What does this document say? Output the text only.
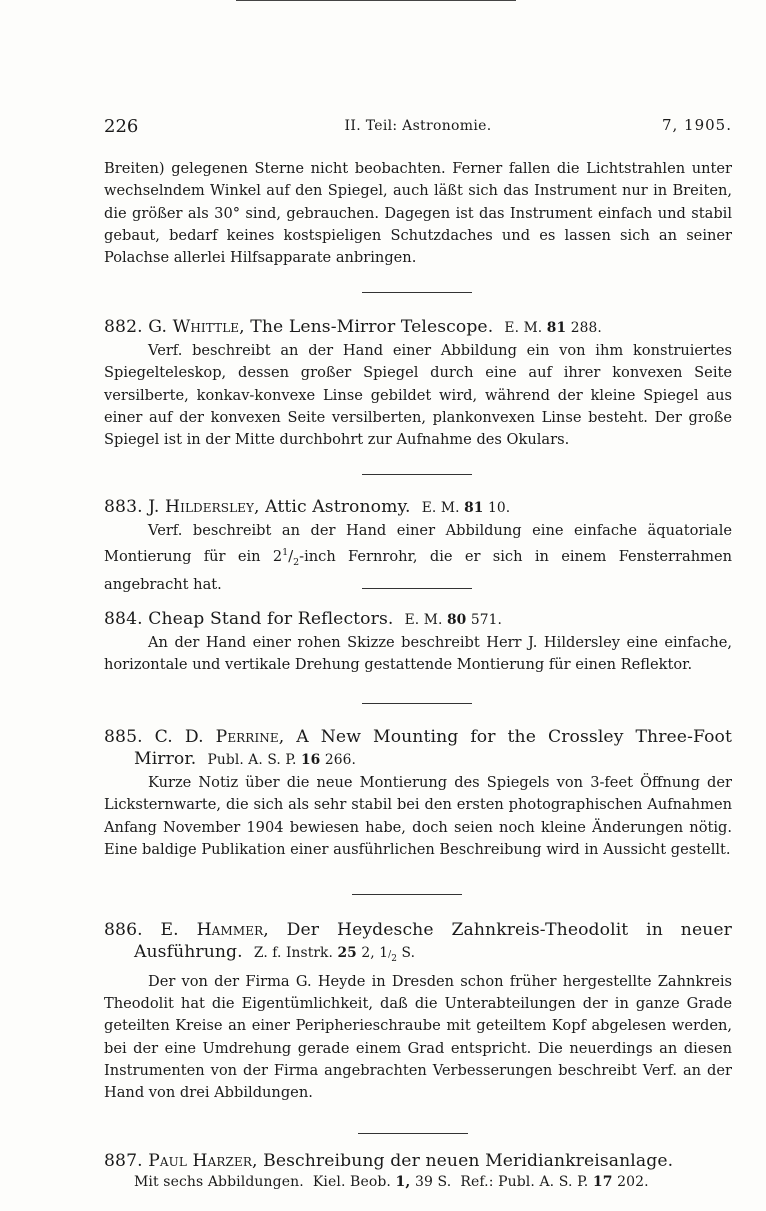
226	II. Teil: Astronomie.	7, 1905.

Breiten) gelegenen Sterne nicht beobachten. Ferner fallen die Lichtstrahlen unter wechselndem Winkel auf den Spiegel, auch läßt sich das Instrument nur in Breiten, die größer als 30° sind, gebrauchen. Dagegen ist das Instrument einfach und stabil gebaut, bedarf keines kostspieligen Schutzdaches und es lassen sich an seiner Polachse allerlei Hilfsapparate anbringen.

882. G. Whittle, The Lens-Mirror Telescope. E. M. 81 288.

Verf. beschreibt an der Hand einer Abbildung ein von ihm konstruiertes Spiegelteleskop, dessen großer Spiegel durch eine auf ihrer konvexen Seite versilberte, konkav-konvexe Linse gebildet wird, während der kleine Spiegel aus einer auf der konvexen Seite versilberten, plankonvexen Linse besteht. Der große Spiegel ist in der Mitte durchbohrt zur Aufnahme des Okulars.

883. J. Hildersley, Attic Astronomy. E. M. 81 10.

Verf. beschreibt an der Hand einer Abbildung eine einfache äquatoriale Montierung für ein $2^1/_2$-inch Fernrohr, die er sich in einem Fensterrahmen angebracht hat.

884. Cheap Stand for Reflectors. E. M. 80 571.

An der Hand einer rohen Skizze beschreibt Herr J. Hildersley eine einfache, horizontale und vertikale Drehung gestattende Montierung für einen Reflektor.

885. C. D. Perrine, A New Mounting for the Crossley Three-Foot Mirror. Publ. A. S. P. 16 266.

Kurze Notiz über die neue Montierung des Spiegels von 3-feet Öffnung der Licksternwarte, die sich als sehr stabil bei den ersten photographischen Aufnahmen Anfang November 1904 bewiesen habe, doch seien noch kleine Änderungen nötig. Eine baldige Publikation einer ausführlichen Beschreibung wird in Aussicht gestellt.

886. E. Hammer, Der Heydesche Zahnkreis-Theodolit in neuer Ausführung. Z. f. Instrk. 25 2, $1/_2$ S.

Der von der Firma G. Heyde in Dresden schon früher hergestellte Zahnkreis Theodolit hat die Eigentümlichkeit, daß die Unterabteilungen der in ganze Grade geteilten Kreise an einer Peripherieschraube mit geteiltem Kopf abgelesen werden, bei der eine Umdrehung gerade einem Grad entspricht. Die neuerdings an diesen Instrumenten von der Firma angebrachten Verbesserungen beschreibt Verf. an der Hand von drei Abbildungen.

887. Paul Harzer, Beschreibung der neuen Meridiankreisanlage.

Mit sechs Abbildungen. Kiel. Beob. 1, 39 S. Ref.: Publ. A. S. P. 17 202.
